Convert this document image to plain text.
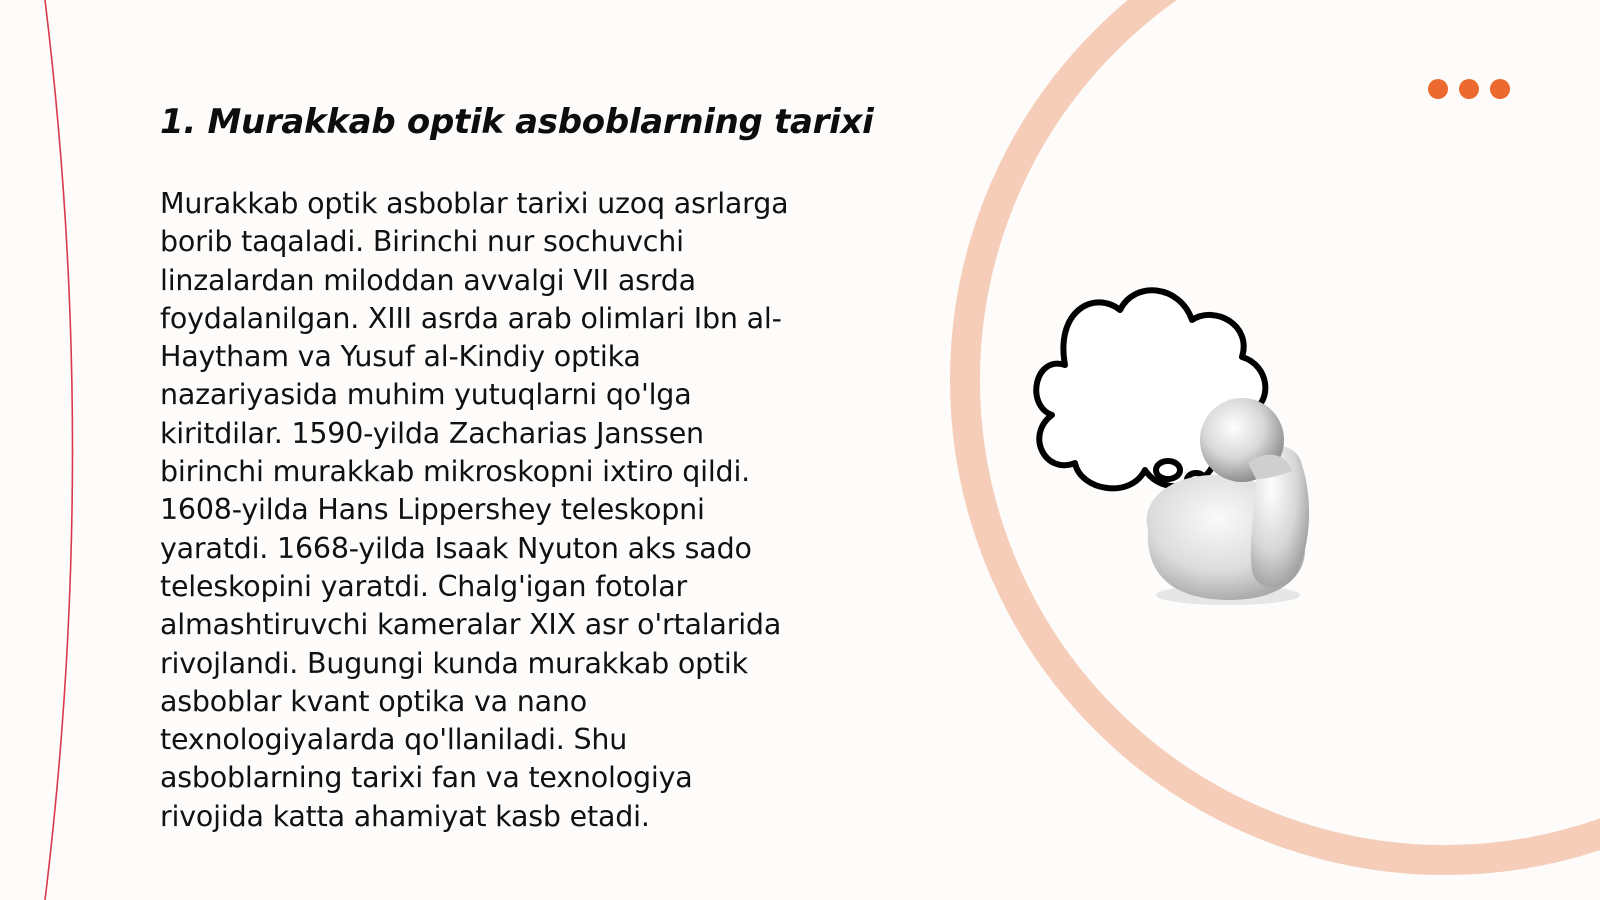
1. Murakkab optik asboblarning tarixi
Murakkab optik asboblar tarixi uzoq asrlarga
borib taqaladi. Birinchi nur sochuvchi
linzalardan miloddan avvalgi VII asrda
foydalanilgan. XIII asrda arab olimlari Ibn al-
Haytham va Yusuf al-Kindiy optika
nazariyasida muhim yutuqlarni qo'lga
kiritdilar. 1590-yilda Zacharias Janssen
birinchi murakkab mikroskopni ixtiro qildi.
1608-yilda Hans Lippershey teleskopni
yaratdi. 1668-yilda Isaak Nyuton aks sado
teleskopini yaratdi. Chalg'igan fotolar
almashtiruvchi kameralar XIX asr o'rtalarida
rivojlandi. Bugungi kunda murakkab optik
asboblar kvant optika va nano
texnologiyalarda qo'llaniladi. Shu
asboblarning tarixi fan va texnologiya
rivojida katta ahamiyat kasb etadi.
